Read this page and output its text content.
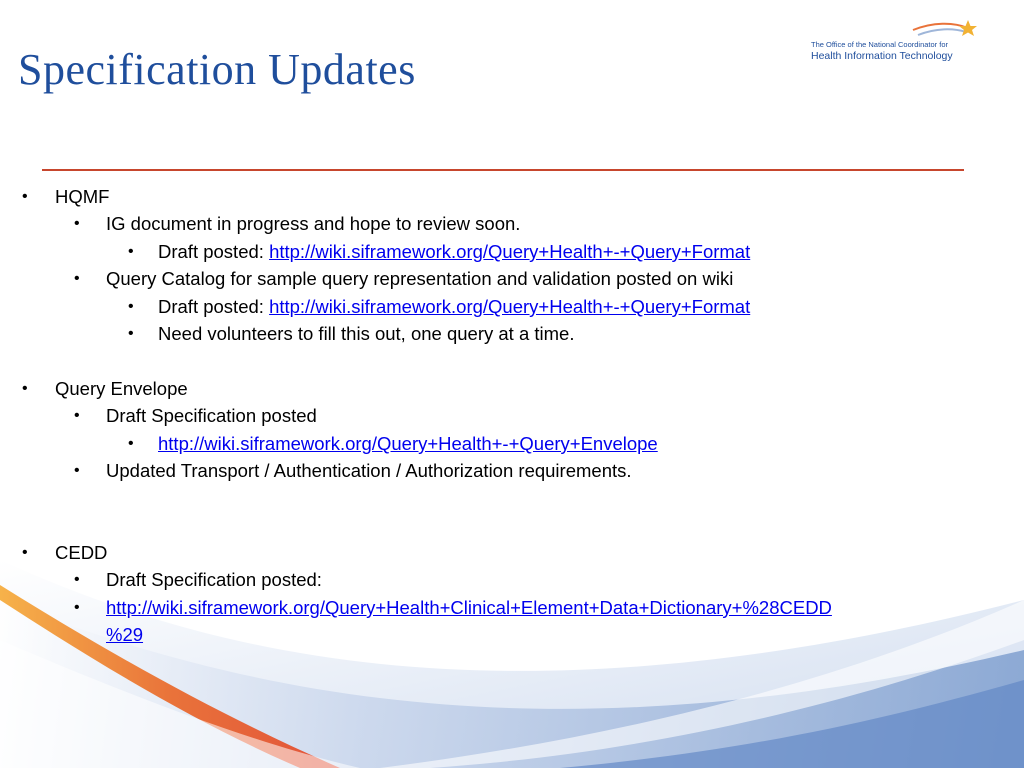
Specification Updates
The Office of the National Coordinator for
Health Information Technology
• HQMF
• IG document in progress and hope to review soon.
• Draft posted: http://wiki.siframework.org/Query+Health+-+Query+Format
• Query Catalog for sample query representation and validation posted on wiki
• Draft posted: http://wiki.siframework.org/Query+Health+-+Query+Format
• Need volunteers to fill this out, one query at a time.
• Query Envelope
• Draft Specification posted
• http://wiki.siframework.org/Query+Health+-+Query+Envelope
• Updated Transport / Authentication / Authorization requirements.
• CEDD
• Draft Specification posted:
• http://wiki.siframework.org/Query+Health+Clinical+Element+Data+Dictionary+%28CEDD
%29
